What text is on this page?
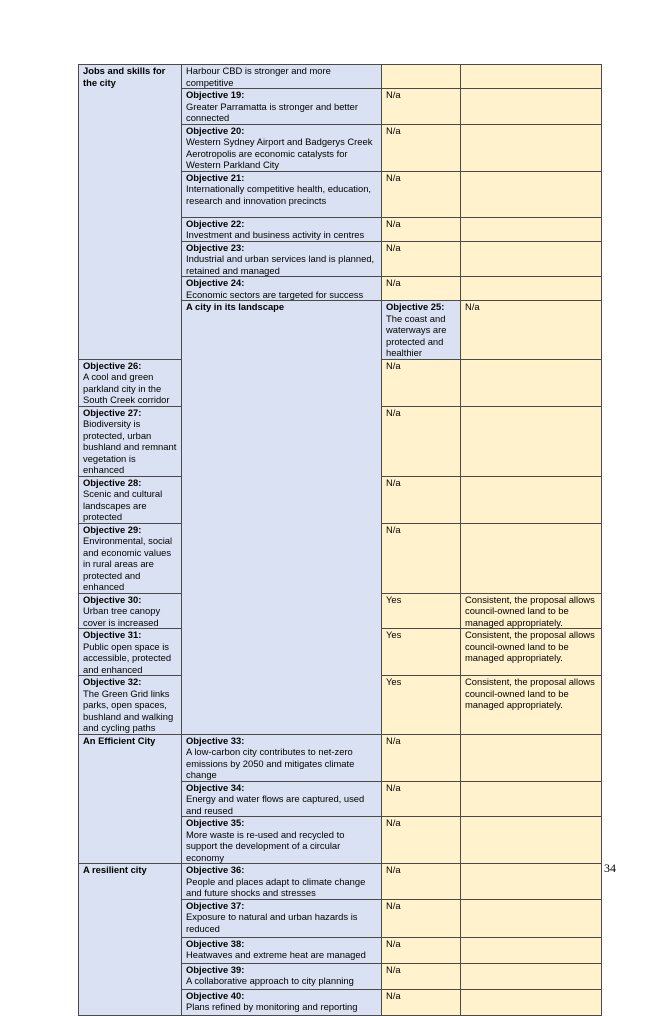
Jobs and skills for the city	Harbour CBD is stronger and more competitive			

	Objective 19:
Greater Parramatta is stronger and better connected	N/a		

	Objective 20:
Western Sydney Airport and Badgerys Creek Aerotropolis are economic catalysts for Western Parkland City	N/a		

	Objective 21:
Internationally competitive health, education, research and innovation precincts	N/a		

	Objective 22:
Investment and business activity in centres	N/a		

	Objective 23:
Industrial and urban services land is planned, retained and managed	N/a		

	Objective 24:
Economic sectors are targeted for success	N/a		
	A city in its landscape	Objective 25:
The coast and waterways are protected and healthier	N/a	

Objective 26:
A cool and green parkland city in the South Creek corridor		N/a		

Objective 27:
Biodiversity is protected, urban bushland and remnant vegetation is enhanced		N/a		

Objective 28:
Scenic and cultural landscapes are protected		N/a		

Objective 29:
Environmental, social and economic values in rural areas are protected and enhanced		N/a		

Objective 30:
Urban tree canopy cover is increased		Yes	Consistent, the proposal allows council-owned land to be managed appropriately.	

Objective 31:
Public open space is accessible, protected and enhanced		Yes	Consistent, the proposal allows council-owned land to be managed appropriately.	

Objective 32:
The Green Grid links parks, open spaces, bushland and walking and cycling paths		Yes	Consistent, the proposal allows council-owned land to be managed appropriately.	
An Efficient City	Objective 33:
A low-carbon city contributes to net-zero emissions by 2050 and mitigates climate change	N/a		

	Objective 34:
Energy and water flows are captured, used and reused	N/a		

	Objective 35:
More waste is re-used and recycled to support the development of a circular economy	N/a		
A resilient city	Objective 36:
People and places adapt to climate change and future shocks and stresses	N/a		

	Objective 37:
Exposure to natural and urban hazards is reduced	N/a		

	Objective 38:
Heatwaves and extreme heat are managed	N/a		

	Objective 39:
A collaborative approach to city planning	N/a		

	Objective 40:
Plans refined by monitoring and reporting	N/a		
34
